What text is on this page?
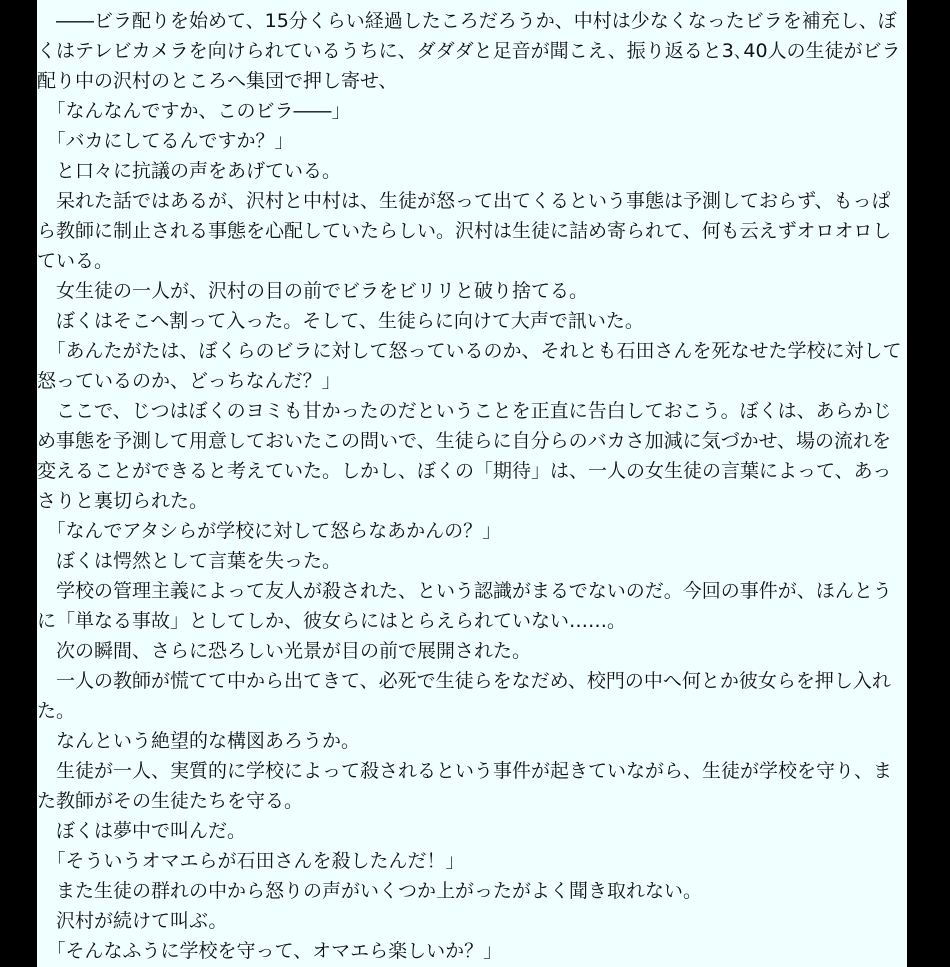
　――ビラ配りを始めて、15分くらい経過したころだろうか、中村は少なくなったビラを補充し、ぼくはテレビカメラを向けられているうちに、ダダダと足音が聞こえ、振り返ると3､40人の生徒がビラ配り中の沢村のところへ集団で押し寄せ、

　「なんなんですか、このビラ――」

　「バカにしてるんですか？」

　と口々に抗議の声をあげている。

　呆れた話ではあるが、沢村と中村は、生徒が怒って出てくるという事態は予測しておらず、もっぱら教師に制止される事態を心配していたらしい。沢村は生徒に詰め寄られて、何も云えずオロオロしている。

　女生徒の一人が、沢村の目の前でビラをビリリと破り捨てる。

　ぼくはそこへ割って入った。そして、生徒らに向けて大声で訊いた。

　「あんたがたは、ぼくらのビラに対して怒っているのか、それとも石田さんを死なせた学校に対して怒っているのか、どっちなんだ？」

　ここで、じつはぼくのヨミも甘かったのだということを正直に告白しておこう。ぼくは、あらかじめ事態を予測して用意しておいたこの問いで、生徒らに自分らのバカさ加減に気づかせ、場の流れを変えることができると考えていた。しかし、ぼくの「期待」は、一人の女生徒の言葉によって、あっさりと裏切られた。

　「なんでアタシらが学校に対して怒らなあかんの？」

　ぼくは愕然として言葉を失った。

　学校の管理主義によって友人が殺された、という認識がまるでないのだ。今回の事件が、ほんとうに「単なる事故」としてしか、彼女らにはとらえられていない……。

　次の瞬間、さらに恐ろしい光景が目の前で展開された。

　一人の教師が慌てて中から出てきて、必死で生徒らをなだめ、校門の中へ何とか彼女らを押し入れた。

　なんという絶望的な構図あろうか。

　生徒が一人、実質的に学校によって殺されるという事件が起きていながら、生徒が学校を守り、また教師がその生徒たちを守る。

　ぼくは夢中で叫んだ。

　「そういうオマエらが石田さんを殺したんだ！」

　また生徒の群れの中から怒りの声がいくつか上がったがよく聞き取れない。

　沢村が続けて叫ぶ。

　「そんなふうに学校を守って、オマエら楽しいか？」
